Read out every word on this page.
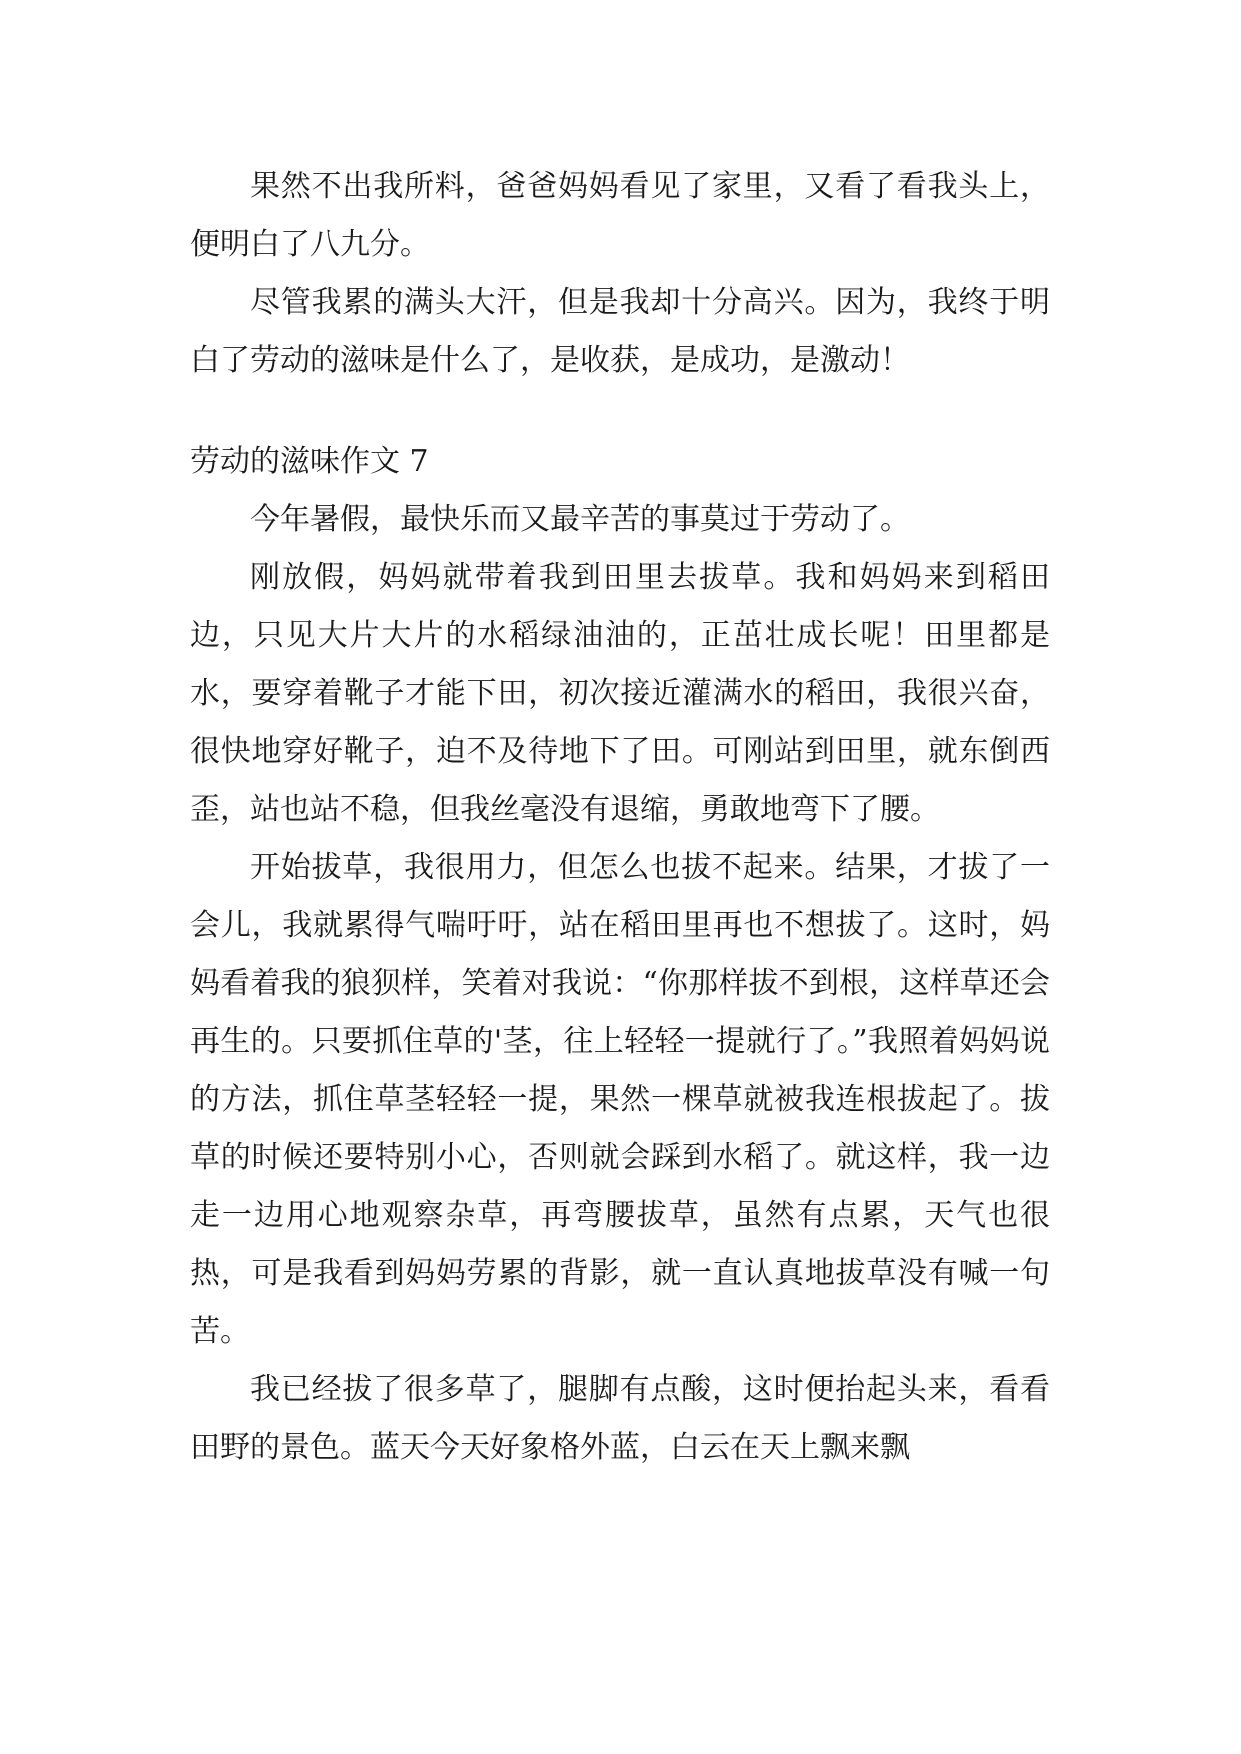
果然不出我所料，爸爸妈妈看见了家里，又看了看我头上，便明白了八九分。

尽管我累的满头大汗，但是我却十分高兴。因为，我终于明白了劳动的滋味是什么了，是收获，是成功，是激动！

劳动的滋味作文 7

今年暑假，最快乐而又最辛苦的事莫过于劳动了。

刚放假，妈妈就带着我到田里去拔草。我和妈妈来到稻田边，只见大片大片的水稻绿油油的，正茁壮成长呢！田里都是水，要穿着靴子才能下田，初次接近灌满水的稻田，我很兴奋，很快地穿好靴子，迫不及待地下了田。可刚站到田里，就东倒西歪，站也站不稳，但我丝毫没有退缩，勇敢地弯下了腰。

开始拔草，我很用力，但怎么也拔不起来。结果，才拔了一会儿，我就累得气喘吁吁，站在稻田里再也不想拔了。这时，妈妈看着我的狼狈样，笑着对我说：“你那样拔不到根，这样草还会再生的。只要抓住草的'茎，往上轻轻一提就行了。”我照着妈妈说的方法，抓住草茎轻轻一提，果然一棵草就被我连根拔起了。拔草的时候还要特别小心，否则就会踩到水稻了。就这样，我一边走一边用心地观察杂草，再弯腰拔草，虽然有点累，天气也很热，可是我看到妈妈劳累的背影，就一直认真地拔草没有喊一句苦。

我已经拔了很多草了，腿脚有点酸，这时便抬起头来，看看田野的景色。蓝天今天好象格外蓝，白云在天上飘来飘
